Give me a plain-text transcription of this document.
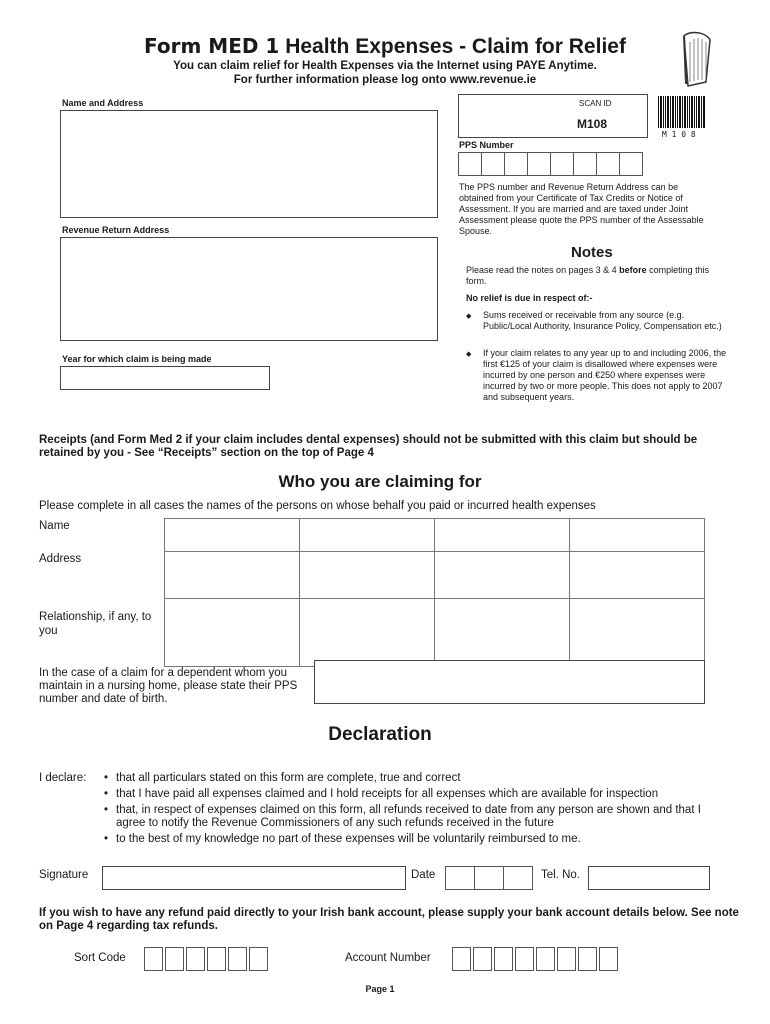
Form MED 1 Health Expenses - Claim for Relief
You can claim relief for Health Expenses via the Internet using PAYE Anytime.
For further information please log onto www.revenue.ie
Name and Address
Revenue Return Address
Year for which claim is being made
SCAN ID
M108
M 1 0 8
PPS Number
The PPS number and Revenue Return Address can be obtained from your Certificate of Tax Credits or Notice of Assessment. If you are married and are taxed under Joint Assessment please quote the PPS number of the Assessable Spouse.
Notes
Please read the notes on pages 3 & 4 before completing this form.
No relief is due in respect of:-
◆ Sums received or receivable from any source (e.g. Public/Local Authority, Insurance Policy, Compensation etc.)
◆ If your claim relates to any year up to and including 2006, the first €125 of your claim is disallowed where expenses were incurred by one person and €250 where expenses were incurred by two or more people. This does not apply to 2007 and subsequent years.
Receipts (and Form Med 2 if your claim includes dental expenses) should not be submitted with this claim but should be retained by you - See “Receipts” section on the top of Page 4
Who you are claiming for
Please complete in all cases the names of the persons on whose behalf you paid or incurred health expenses
Name
Address
Relationship, if any, to you

In the case of a claim for a dependent whom you maintain in a nursing home, please state their PPS number and date of birth.
Declaration
I declare:	• that all particulars stated on this form are complete, true and correct
• that I have paid all expenses claimed and I hold receipts for all expenses which are available for inspection
• that, in respect of expenses claimed on this form, all refunds received to date from any person are shown and that I agree to notify the Revenue Commissioners of any such refunds received in the future
• to the best of my knowledge no part of these expenses will be voluntarily reimbursed to me.
Signature	Date	Tel. No.
If you wish to have any refund paid directly to your Irish bank account, please supply your bank account details below. See note on Page 4 regarding tax refunds.
Sort Code	Account Number
Page 1
